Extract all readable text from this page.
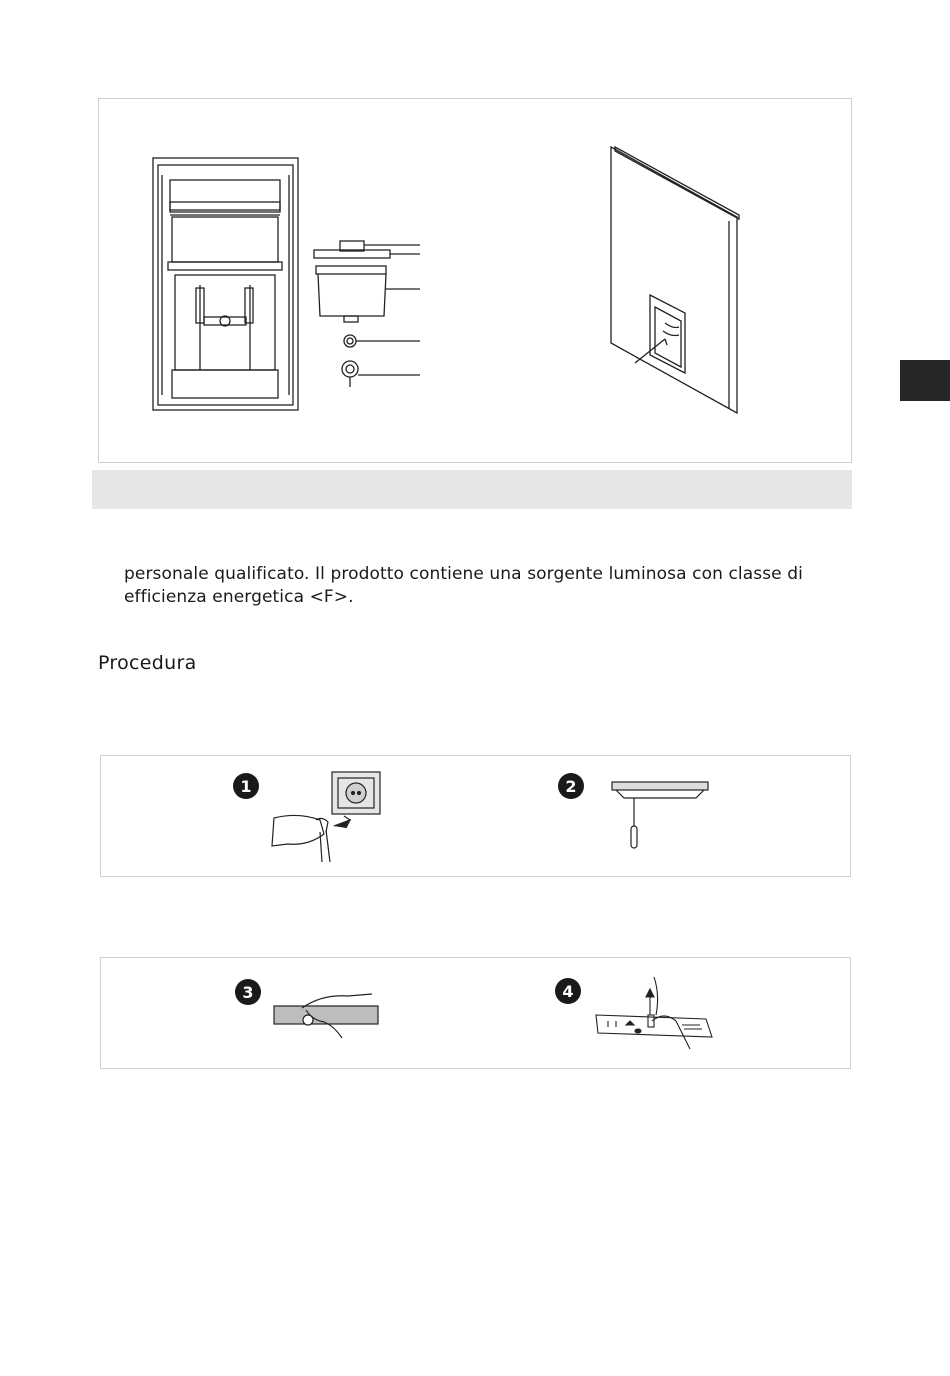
personale qualificato. Il prodotto contiene una sorgente luminosa con classe di
efficienza energetica <F>.
Procedura
1	2
3	4
